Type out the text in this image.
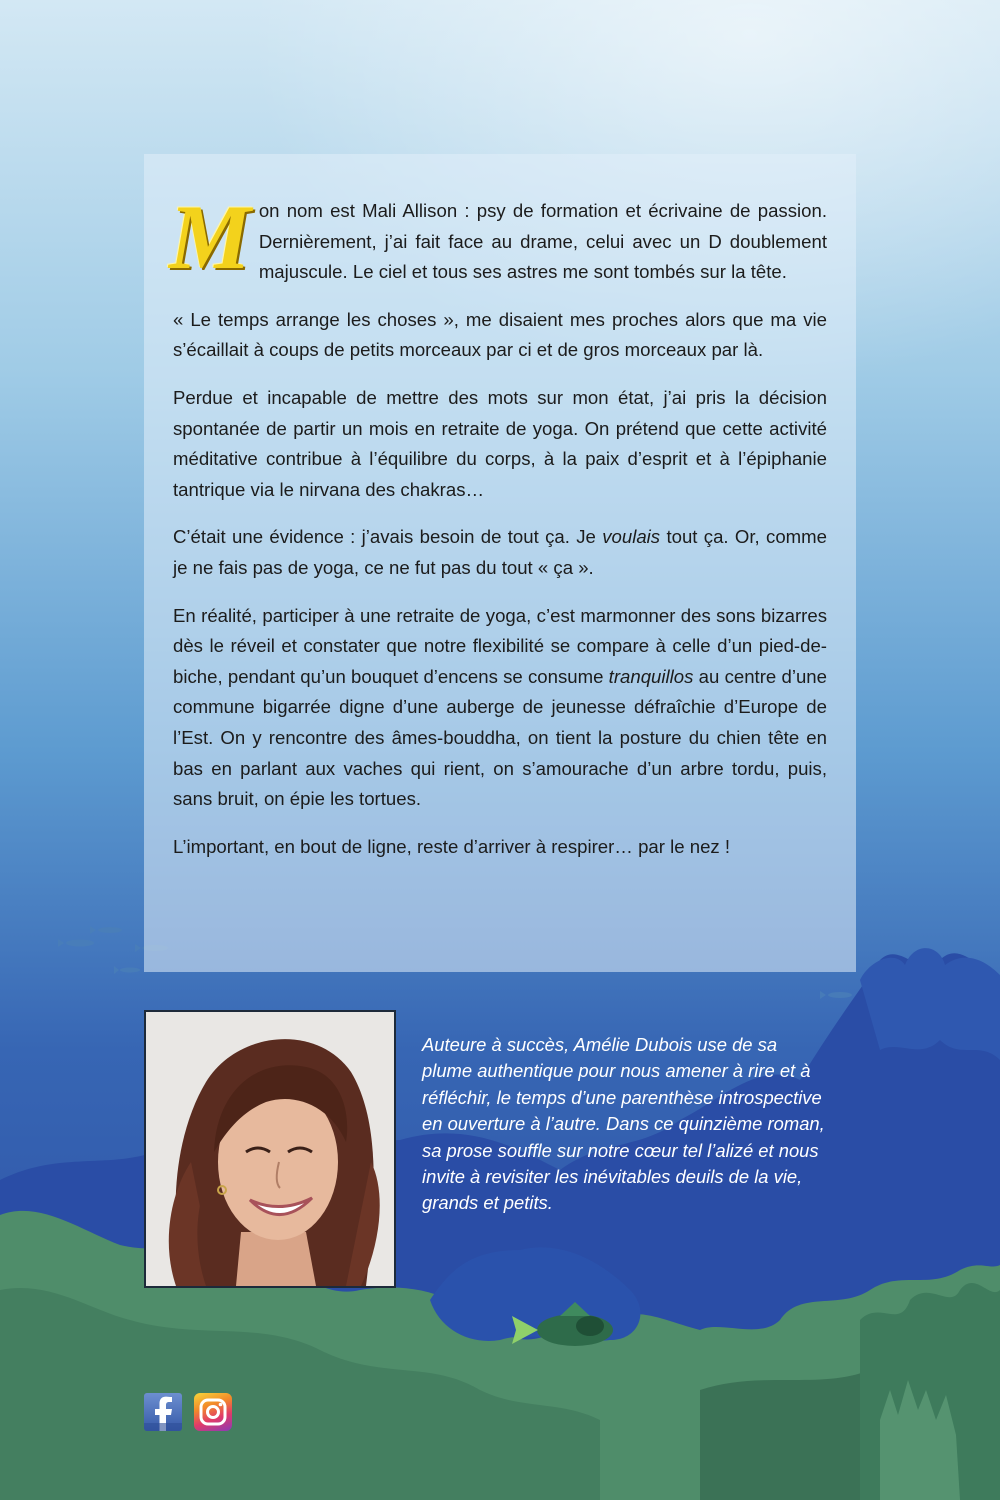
Mon nom est Mali Allison : psy de formation et écrivaine de passion. Dernièrement, j’ai fait face au drame, celui avec un D doublement majuscule. Le ciel et tous ses astres me sont tombés sur la tête.

« Le temps arrange les choses », me disaient mes proches alors que ma vie s’écaillait à coups de petits morceaux par ci et de gros morceaux par là.

Perdue et incapable de mettre des mots sur mon état, j’ai pris la décision spontanée de partir un mois en retraite de yoga. On prétend que cette activité méditative contribue à l’équilibre du corps, à la paix d’esprit et à l’épiphanie tantrique via le nirvana des chakras…

C’était une évidence : j’avais besoin de tout ça. Je voulais tout ça. Or, comme je ne fais pas de yoga, ce ne fut pas du tout « ça ».

En réalité, participer à une retraite de yoga, c’est marmonner des sons bizarres dès le réveil et constater que notre flexibilité se compare à celle d’un pied-de-biche, pendant qu’un bouquet d’encens se consume tranquillos au centre d’une commune bigarrée digne d’une auberge de jeunesse défraîchie d’Europe de l’Est. On y rencontre des âmes-bouddha, on tient la posture du chien tête en bas en parlant aux vaches qui rient, on s’amourache d’un arbre tordu, puis, sans bruit, on épie les tortues.

L’important, en bout de ligne, reste d’arriver à respirer… par le nez !

Auteure à succès, Amélie Dubois use de sa plume authentique pour nous amener à rire et à réfléchir, le temps d’une parenthèse introspective en ouverture à l’autre. Dans ce quinzième roman, sa prose souffle sur notre cœur tel l’alizé et nous invite à revisiter les inévitables deuils de la vie, grands et petits.
